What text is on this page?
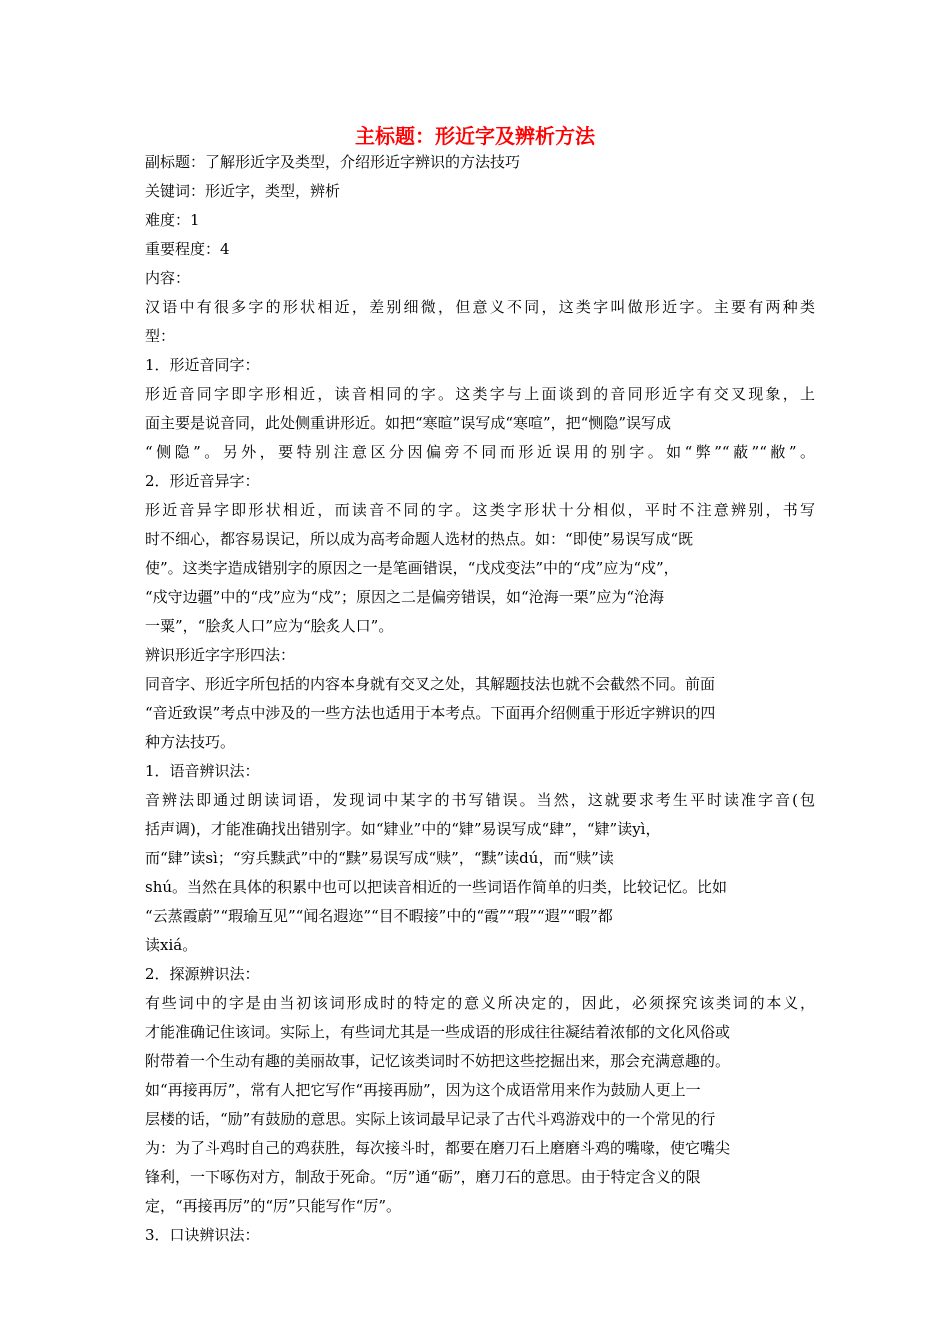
主标题：形近字及辨析方法
副标题：了解形近字及类型，介绍形近字辨识的方法技巧
关键词：形近字，类型，辨析
难度：1
重要程度：4
内容：
汉语中有很多字的形状相近，差别细微，但意义不同，这类字叫做形近字。主要有两种类
型：
1．形近音同字：
形近音同字即字形相近，读音相同的字。这类字与上面谈到的音同形近字有交叉现象，上
面主要是说音同，此处侧重讲形近。如把“寒暄”误写成“寒喧”，把“恻隐”误写成
“侧隐”。另外，要特别注意区分因偏旁不同而形近误用的别字。如“弊”“蔽”“敝”。
2．形近音异字：
形近音异字即形状相近，而读音不同的字。这类字形状十分相似，平时不注意辨别，书写
时不细心，都容易误记，所以成为高考命题人选材的热点。如：“即使”易误写成“既
使”。这类字造成错别字的原因之一是笔画错误，“戊戍变法”中的“戌”应为“戍”，
“戍守边疆”中的“戌”应为“戍”；原因之二是偏旁错误，如“沧海一栗”应为“沧海
一粟”，“脍炙人口”应为“脍炙人口”。
辨识形近字字形四法：
同音字、形近字所包括的内容本身就有交叉之处，其解题技法也就不会截然不同。前面
“音近致误”考点中涉及的一些方法也适用于本考点。下面再介绍侧重于形近字辨识的四
种方法技巧。
1．语音辨识法：
音辨法即通过朗读词语，发现词中某字的书写错误。当然，这就要求考生平时读准字音(包
括声调)，才能准确找出错别字。如“肄业”中的“肄”易误写成“肆”，“肄”读yì，
而“肆”读sì；“穷兵黩武”中的“黩”易误写成“赎”，“黩”读dú，而“赎”读
shú。当然在具体的积累中也可以把读音相近的一些词语作简单的归类，比较记忆。比如
“云蒸霞蔚”“瑕瑜互见”“闻名遐迩”“目不暇接”中的“霞”“瑕”“遐”“暇”都
读xiá。
2．探源辨识法：
有些词中的字是由当初该词形成时的特定的意义所决定的，因此，必须探究该类词的本义，
才能准确记住该词。实际上，有些词尤其是一些成语的形成往往凝结着浓郁的文化风俗或
附带着一个生动有趣的美丽故事，记忆该类词时不妨把这些挖掘出来，那会充满意趣的。
如“再接再厉”，常有人把它写作“再接再励”，因为这个成语常用来作为鼓励人更上一
层楼的话，“励”有鼓励的意思。实际上该词最早记录了古代斗鸡游戏中的一个常见的行
为：为了斗鸡时自己的鸡获胜，每次接斗时，都要在磨刀石上磨磨斗鸡的嘴喙，使它嘴尖
锋利，一下啄伤对方，制敌于死命。“厉”通“砺”，磨刀石的意思。由于特定含义的限
定，“再接再厉”的“厉”只能写作“厉”。
3．口诀辨识法：
